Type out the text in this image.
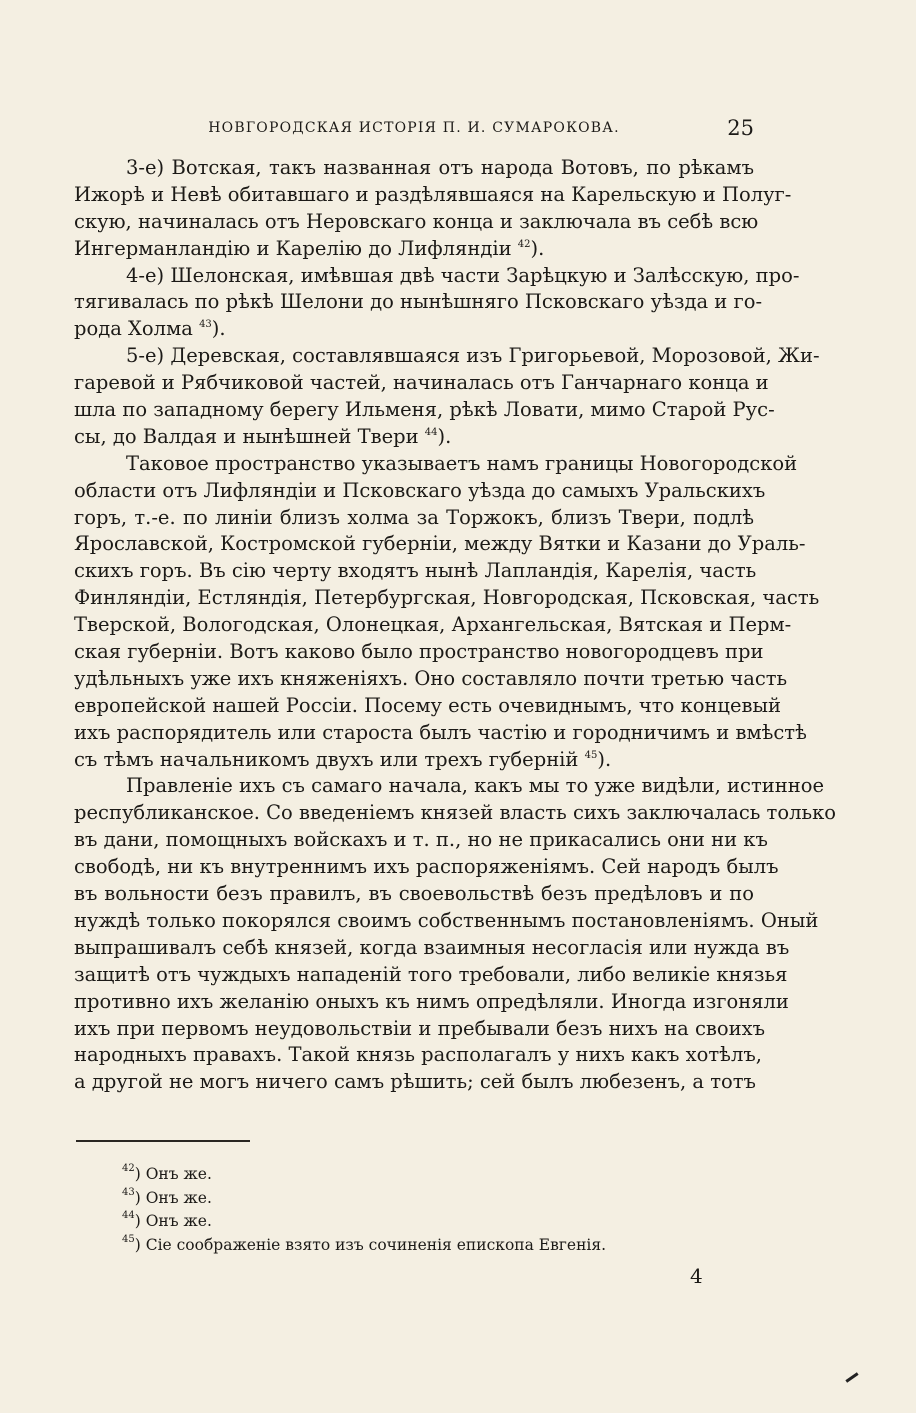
НОВГОРОДСКАЯ ИСТОРІЯ П. И. СУМАРОКОВА.	25
3-е) Вотская, такъ названная отъ народа Вотовъ, по рѣкамъ
Ижорѣ и Невѣ обитавшаго и раздѣлявшаяся на Карельскую и Полуг-
скую, начиналась отъ Неровскаго конца и заключала въ себѣ всю
Ингерманландію и Карелію до Лифляндіи $^{42}$).
4-е) Шелонская, имѣвшая двѣ части Зарѣцкую и Залѣсскую, про-
тягивалась по рѣкѣ Шелони до нынѣшняго Псковскаго уѣзда и го-
рода Холма $^{43}$).
5-е) Деревская, составлявшаяся изъ Григорьевой, Морозовой, Жи-
гаревой и Рябчиковой частей, начиналась отъ Ганчарнаго конца и
шла по западному берегу Ильменя, рѣкѣ Ловати, мимо Старой Рус-
сы, до Валдая и нынѣшней Твери $^{44}$).
Таковое пространство указываетъ намъ границы Новогородской
области отъ Лифляндіи и Псковскаго уѣзда до самыхъ Уральскихъ
горъ, т.-е. по линіи близъ холма за Торжокъ, близъ Твери, подлѣ
Ярославской, Костромской губерніи, между Вятки и Казани до Ураль-
скихъ горъ. Въ сію черту входятъ нынѣ Лапландія, Карелія, часть
Финляндіи, Естляндія, Петербургская, Новгородская, Псковская, часть
Тверской, Вологодская, Олонецкая, Архангельская, Вятская и Перм-
ская губерніи. Вотъ каково было пространство новогородцевъ при
удѣльныхъ уже ихъ княженіяхъ. Оно составляло почти третью часть
европейской нашей Россіи. Посему есть очевиднымъ, что концевый
ихъ распорядитель или староста былъ частію и городничимъ и вмѣстѣ
съ тѣмъ начальникомъ двухъ или трехъ губерній $^{45}$).
Правленіе ихъ съ самаго начала, какъ мы то уже видѣли, истинное
республиканское. Со введеніемъ князей власть сихъ заключалась только
въ дани, помощныхъ войскахъ и т. п., но не прикасались они ни къ
свободѣ, ни къ внутреннимъ ихъ распоряженіямъ. Сей народъ былъ
въ вольности безъ правилъ, въ своевольствѣ безъ предѣловъ и по
нуждѣ только покорялся своимъ собственнымъ постановленіямъ. Оный
выпрашивалъ себѣ князей, когда взаимныя несогласія или нужда въ
защитѣ отъ чуждыхъ нападеній того требовали, либо великіе князья
противно ихъ желанію оныхъ къ нимъ опредѣляли. Иногда изгоняли
ихъ при первомъ неудовольствіи и пребывали безъ нихъ на своихъ
народныхъ правахъ. Такой князь располагалъ у нихъ какъ хотѣлъ,
а другой не могъ ничего самъ рѣшить; сей былъ любезенъ, а тотъ
$^{42}$) Онъ же.
$^{43}$) Онъ же.
$^{44}$) Онъ же.
$^{45}$) Сіе соображеніе взято изъ сочиненія епископа Евгенія.
4
